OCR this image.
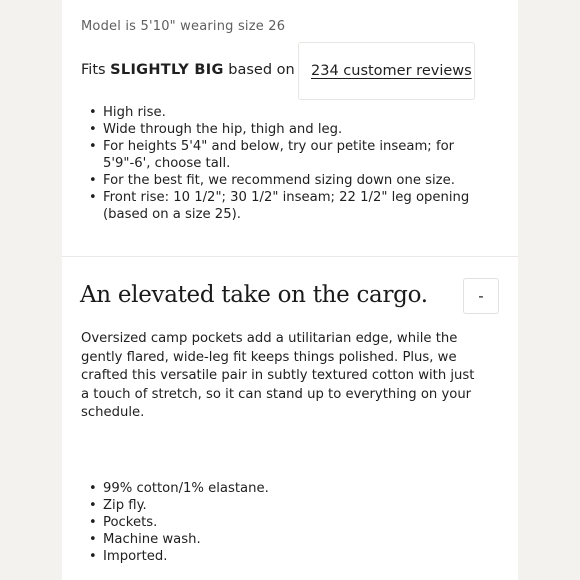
Model is 5'10" wearing size 26
Fits SLIGHTLY BIG based on 234 customer reviews
• High rise.
• Wide through the hip, thigh and leg.
• For heights 5'4" and below, try our petite inseam; for 5'9"-6', choose tall.
• For the best fit, we recommend sizing down one size.
• Front rise: 10 1/2"; 30 1/2" inseam; 22 1/2" leg opening (based on a size 25).
An elevated take on the cargo.	-

Oversized camp pockets add a utilitarian edge, while the gently flared, wide-leg fit keeps things polished. Plus, we crafted this versatile pair in subtly textured cotton with just a touch of stretch, so it can stand up to everything on your schedule.

• 99% cotton/1% elastane.
• Zip fly.
• Pockets.
• Machine wash.
• Imported.
